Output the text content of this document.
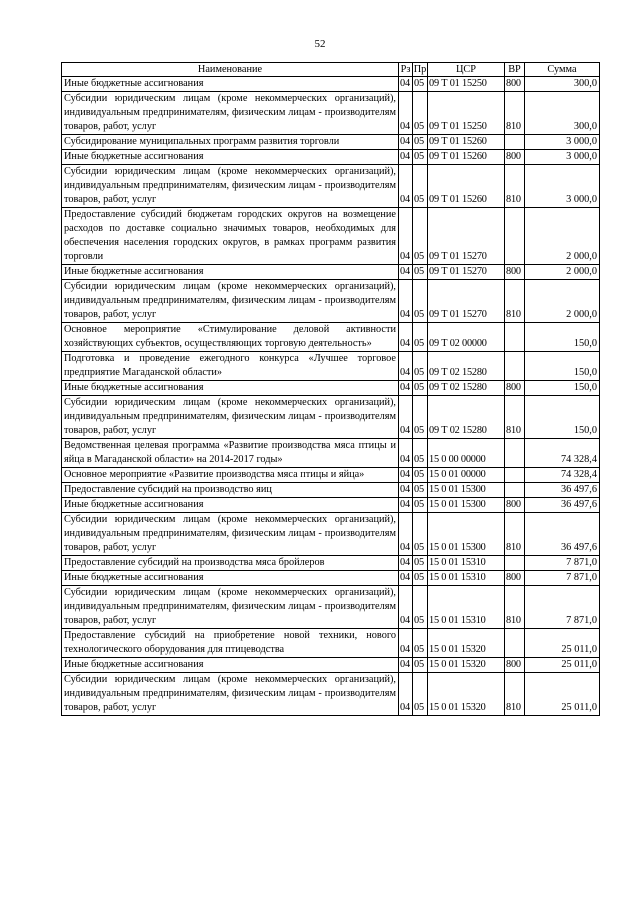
52
Наименование	Рз	Пр	ЦСР	ВР	Сумма
Иные бюджетные ассигнования	04	05	09 Т 01 15250	800	300,0
Субсидии юридическим лицам (кроме некоммерческих организаций), индивидуальным предпринимателям, физическим лицам - производителям товаров, работ, услуг	04	05	09 Т 01 15250	810	300,0
Субсидирование муниципальных программ развития торговли	04	05	09 Т 01 15260		3 000,0
Иные бюджетные ассигнования	04	05	09 Т 01 15260	800	3 000,0
Субсидии юридическим лицам (кроме некоммерческих организаций), индивидуальным предпринимателям, физическим лицам - производителям товаров, работ, услуг	04	05	09 Т 01 15260	810	3 000,0
Предоставление субсидий бюджетам городских округов на возмещение расходов по доставке социально значимых товаров, необходимых для обеспечения населения городских округов, в рамках программ развития торговли	04	05	09 Т 01 15270		2 000,0
Иные бюджетные ассигнования	04	05	09 Т 01 15270	800	2 000,0
Субсидии юридическим лицам (кроме некоммерческих организаций), индивидуальным предпринимателям, физическим лицам - производителям товаров, работ, услуг	04	05	09 Т 01 15270	810	2 000,0
Основное мероприятие «Стимулирование деловой активности хозяйствующих субъектов, осуществляющих торговую деятельность»	04	05	09 Т 02 00000		150,0
Подготовка и проведение ежегодного конкурса «Лучшее торговое предприятие Магаданской области»	04	05	09 Т 02 15280		150,0
Иные бюджетные ассигнования	04	05	09 Т 02 15280	800	150,0
Субсидии юридическим лицам (кроме некоммерческих организаций), индивидуальным предпринимателям, физическим лицам - производителям товаров, работ, услуг	04	05	09 Т 02 15280	810	150,0
Ведомственная целевая программа «Развитие производства мяса птицы и яйца в Магаданской области» на 2014-2017 годы»	04	05	15 0 00 00000		74 328,4
Основное мероприятие «Развитие производства мяса птицы и яйца»	04	05	15 0 01 00000		74 328,4
Предоставление субсидий на производство яиц	04	05	15 0 01 15300		36 497,6
Иные бюджетные ассигнования	04	05	15 0 01 15300	800	36 497,6
Субсидии юридическим лицам (кроме некоммерческих организаций), индивидуальным предпринимателям, физическим лицам - производителям товаров, работ, услуг	04	05	15 0 01 15300	810	36 497,6
Предоставление субсидий на производства мяса бройлеров	04	05	15 0 01 15310		7 871,0
Иные бюджетные ассигнования	04	05	15 0 01 15310	800	7 871,0
Субсидии юридическим лицам (кроме некоммерческих организаций), индивидуальным предпринимателям, физическим лицам - производителям товаров, работ, услуг	04	05	15 0 01 15310	810	7 871,0
Предоставление субсидий на приобретение новой техники, нового технологического оборудования для птицеводства	04	05	15 0 01 15320		25 011,0
Иные бюджетные ассигнования	04	05	15 0 01 15320	800	25 011,0
Субсидии юридическим лицам (кроме некоммерческих организаций), индивидуальным предпринимателям, физическим лицам - производителям товаров, работ, услуг	04	05	15 0 01 15320	810	25 011,0
